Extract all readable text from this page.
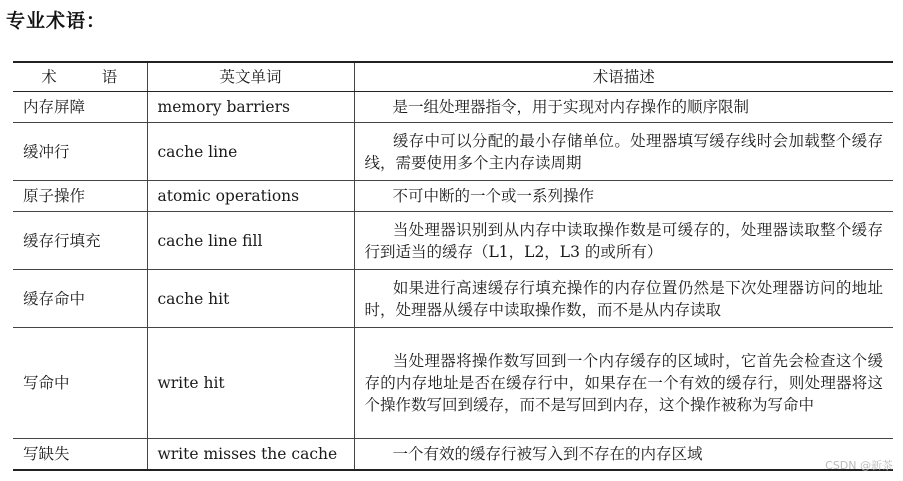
专业术语：
术 语	英文单词	术语描述
内存屏障	memory barriers	是一组处理器指令，用于实现对内存操作的顺序限制
缓冲行	cache line	缓存中可以分配的最小存储单位。处理器填写缓存线时会加载整个缓存线，需要使用多个主内存读周期
原子操作	atomic operations	不可中断的一个或一系列操作
缓存行填充	cache line fill	当处理器识别到从内存中读取操作数是可缓存的，处理器读取整个缓存行到适当的缓存（L1，L2，L3 的或所有）
缓存命中	cache hit	如果进行高速缓存行填充操作的内存位置仍然是下次处理器访问的地址时，处理器从缓存中读取操作数，而不是从内存读取
写命中	write hit	当处理器将操作数写回到一个内存缓存的区域时，它首先会检查这个缓存的内存地址是否在缓存行中，如果存在一个有效的缓存行，则处理器将这个操作数写回到缓存，而不是写回到内存，这个操作被称为写命中
写缺失	write misses the cache	一个有效的缓存行被写入到不存在的内存区域
CSDN @新茶
